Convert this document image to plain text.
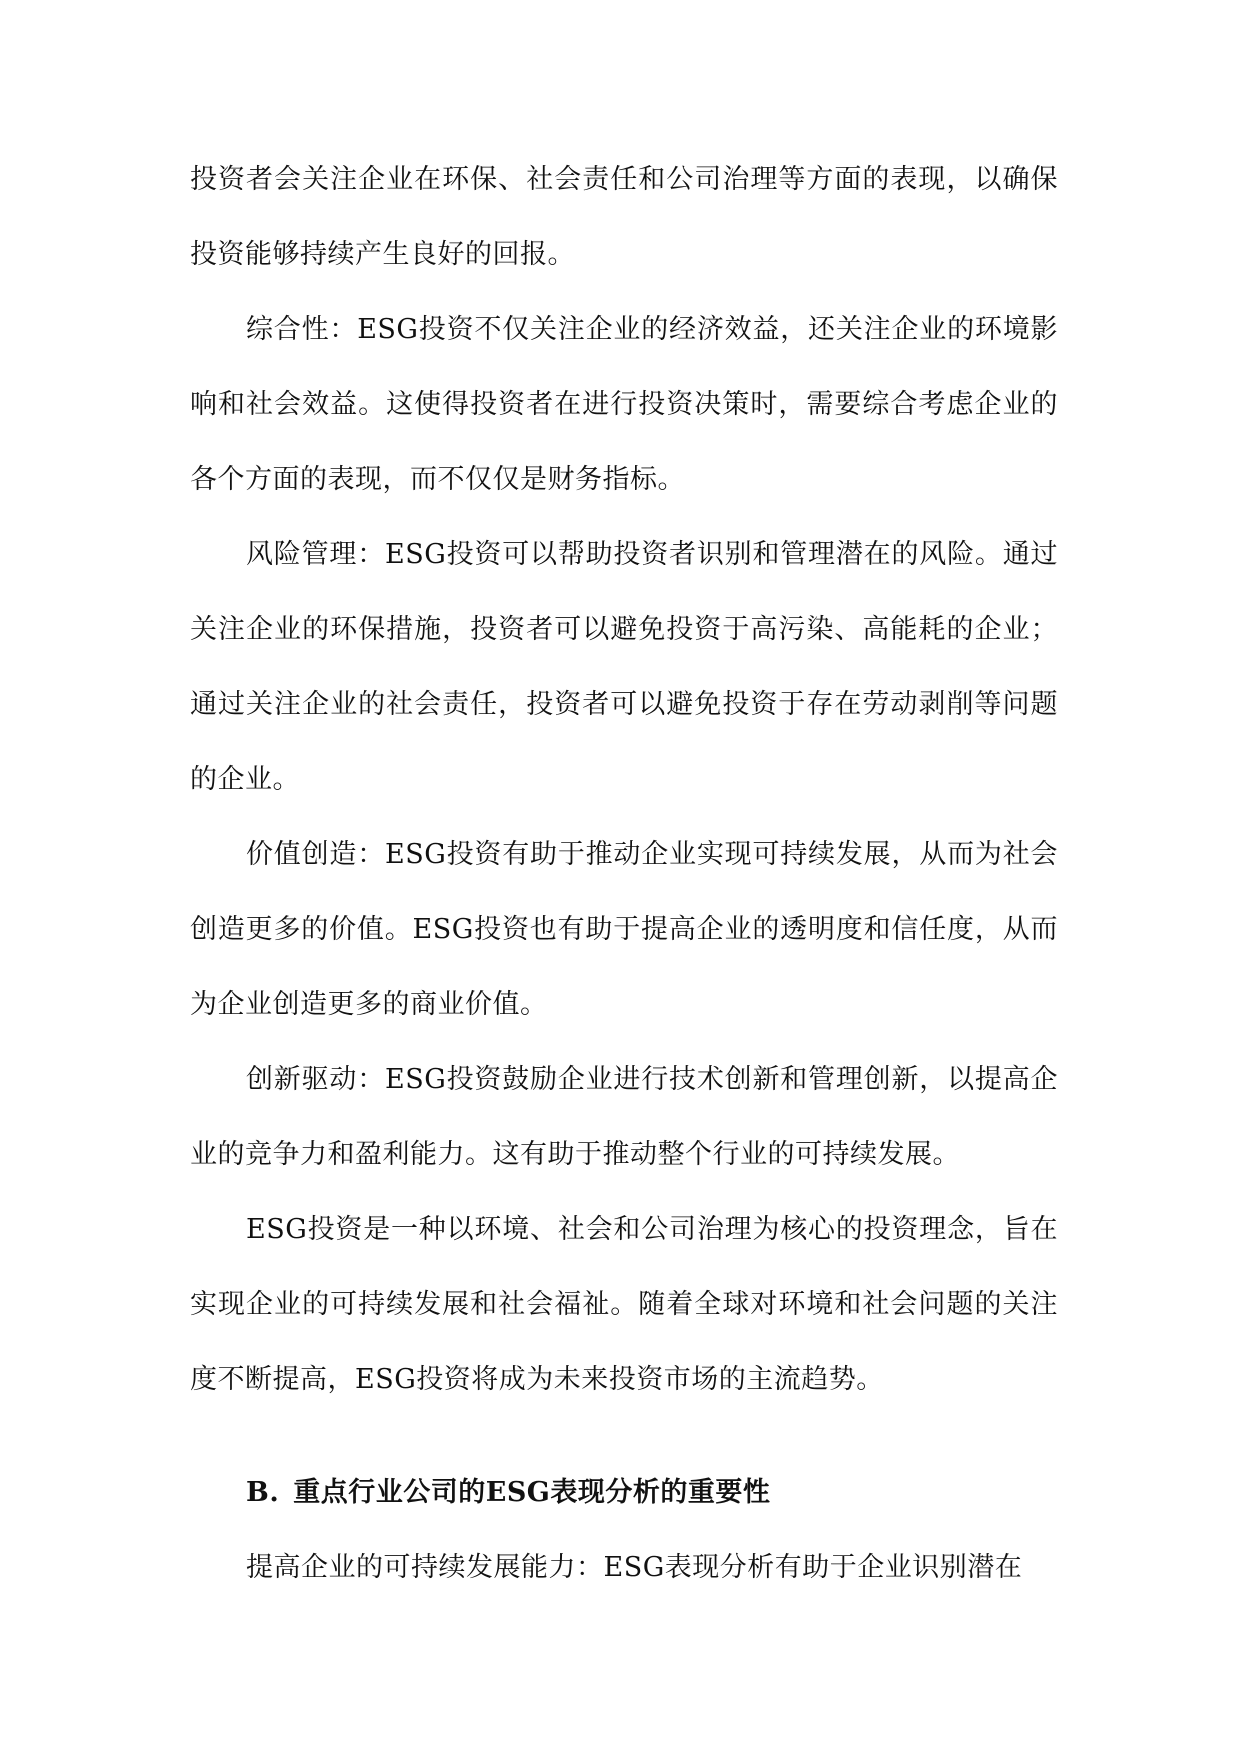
投资者会关注企业在环保、社会责任和公司治理等方面的表现，以确保投资能够持续产生良好的回报。

综合性：ESG投资不仅关注企业的经济效益，还关注企业的环境影响和社会效益。这使得投资者在进行投资决策时，需要综合考虑企业的各个方面的表现，而不仅仅是财务指标。

风险管理：ESG投资可以帮助投资者识别和管理潜在的风险。通过关注企业的环保措施，投资者可以避免投资于高污染、高能耗的企业；通过关注企业的社会责任，投资者可以避免投资于存在劳动剥削等问题的企业。

价值创造：ESG投资有助于推动企业实现可持续发展，从而为社会创造更多的价值。ESG投资也有助于提高企业的透明度和信任度，从而为企业创造更多的商业价值。

创新驱动：ESG投资鼓励企业进行技术创新和管理创新，以提高企业的竞争力和盈利能力。这有助于推动整个行业的可持续发展。

ESG投资是一种以环境、社会和公司治理为核心的投资理念，旨在实现企业的可持续发展和社会福祉。随着全球对环境和社会问题的关注度不断提高，ESG投资将成为未来投资市场的主流趋势。

B. 重点行业公司的ESG表现分析的重要性

提高企业的可持续发展能力：ESG表现分析有助于企业识别潜在
